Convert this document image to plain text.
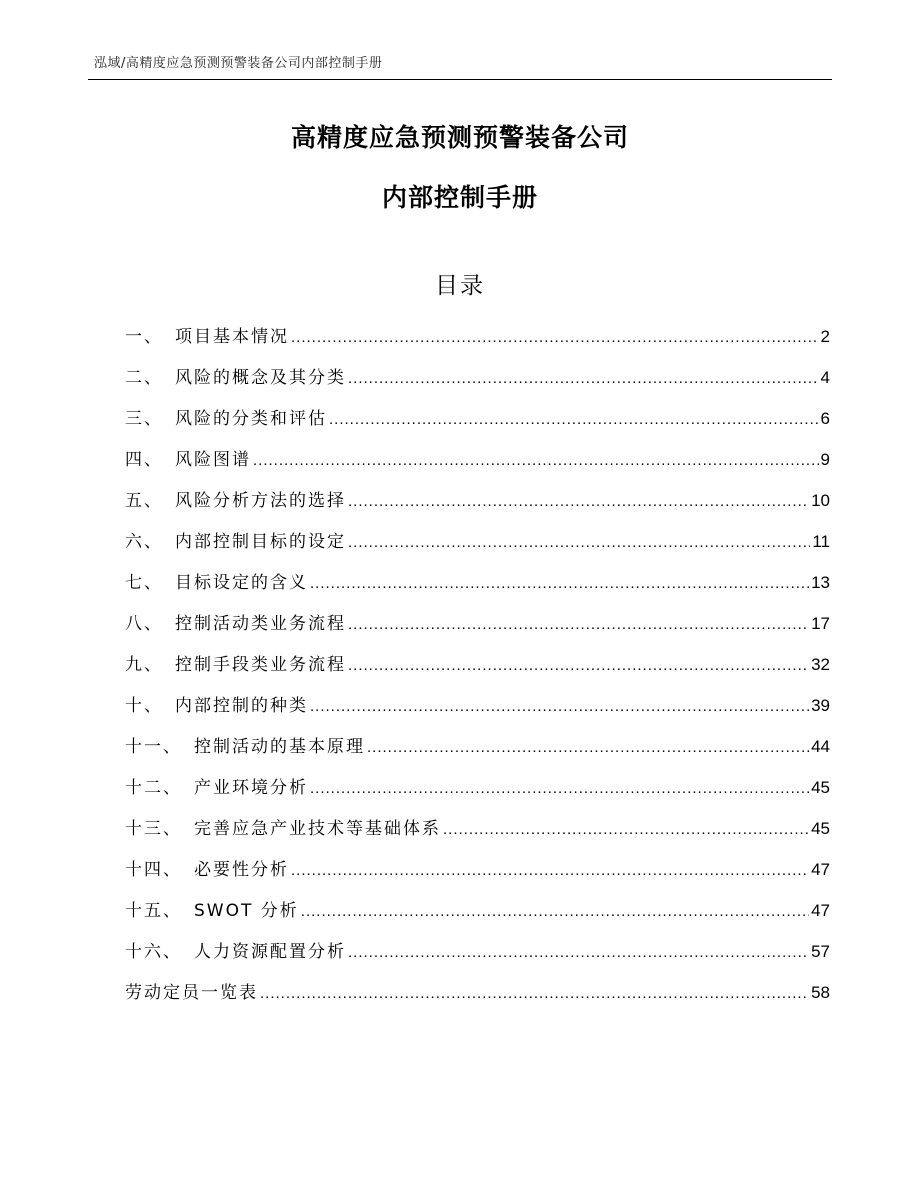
泓域/高精度应急预测预警装备公司内部控制手册
高精度应急预测预警装备公司
内部控制手册
目录
一、 项目基本情况 .....	2
二、 风险的概念及其分类 .....	4
三、 风险的分类和评估 .....	6
四、 风险图谱 .....	9
五、 风险分析方法的选择 .....	10
六、 内部控制目标的设定 .....	11
七、 目标设定的含义 .....	13
八、 控制活动类业务流程 .....	17
九、 控制手段类业务流程 .....	32
十、 内部控制的种类 .....	39
十一、 控制活动的基本原理 .....	44
十二、 产业环境分析 .....	45
十三、 完善应急产业技术等基础体系 .....	45
十四、 必要性分析 .....	47
十五、 SWOT 分析 .....	47
十六、 人力资源配置分析 .....	57
劳动定员一览表 .....	58
